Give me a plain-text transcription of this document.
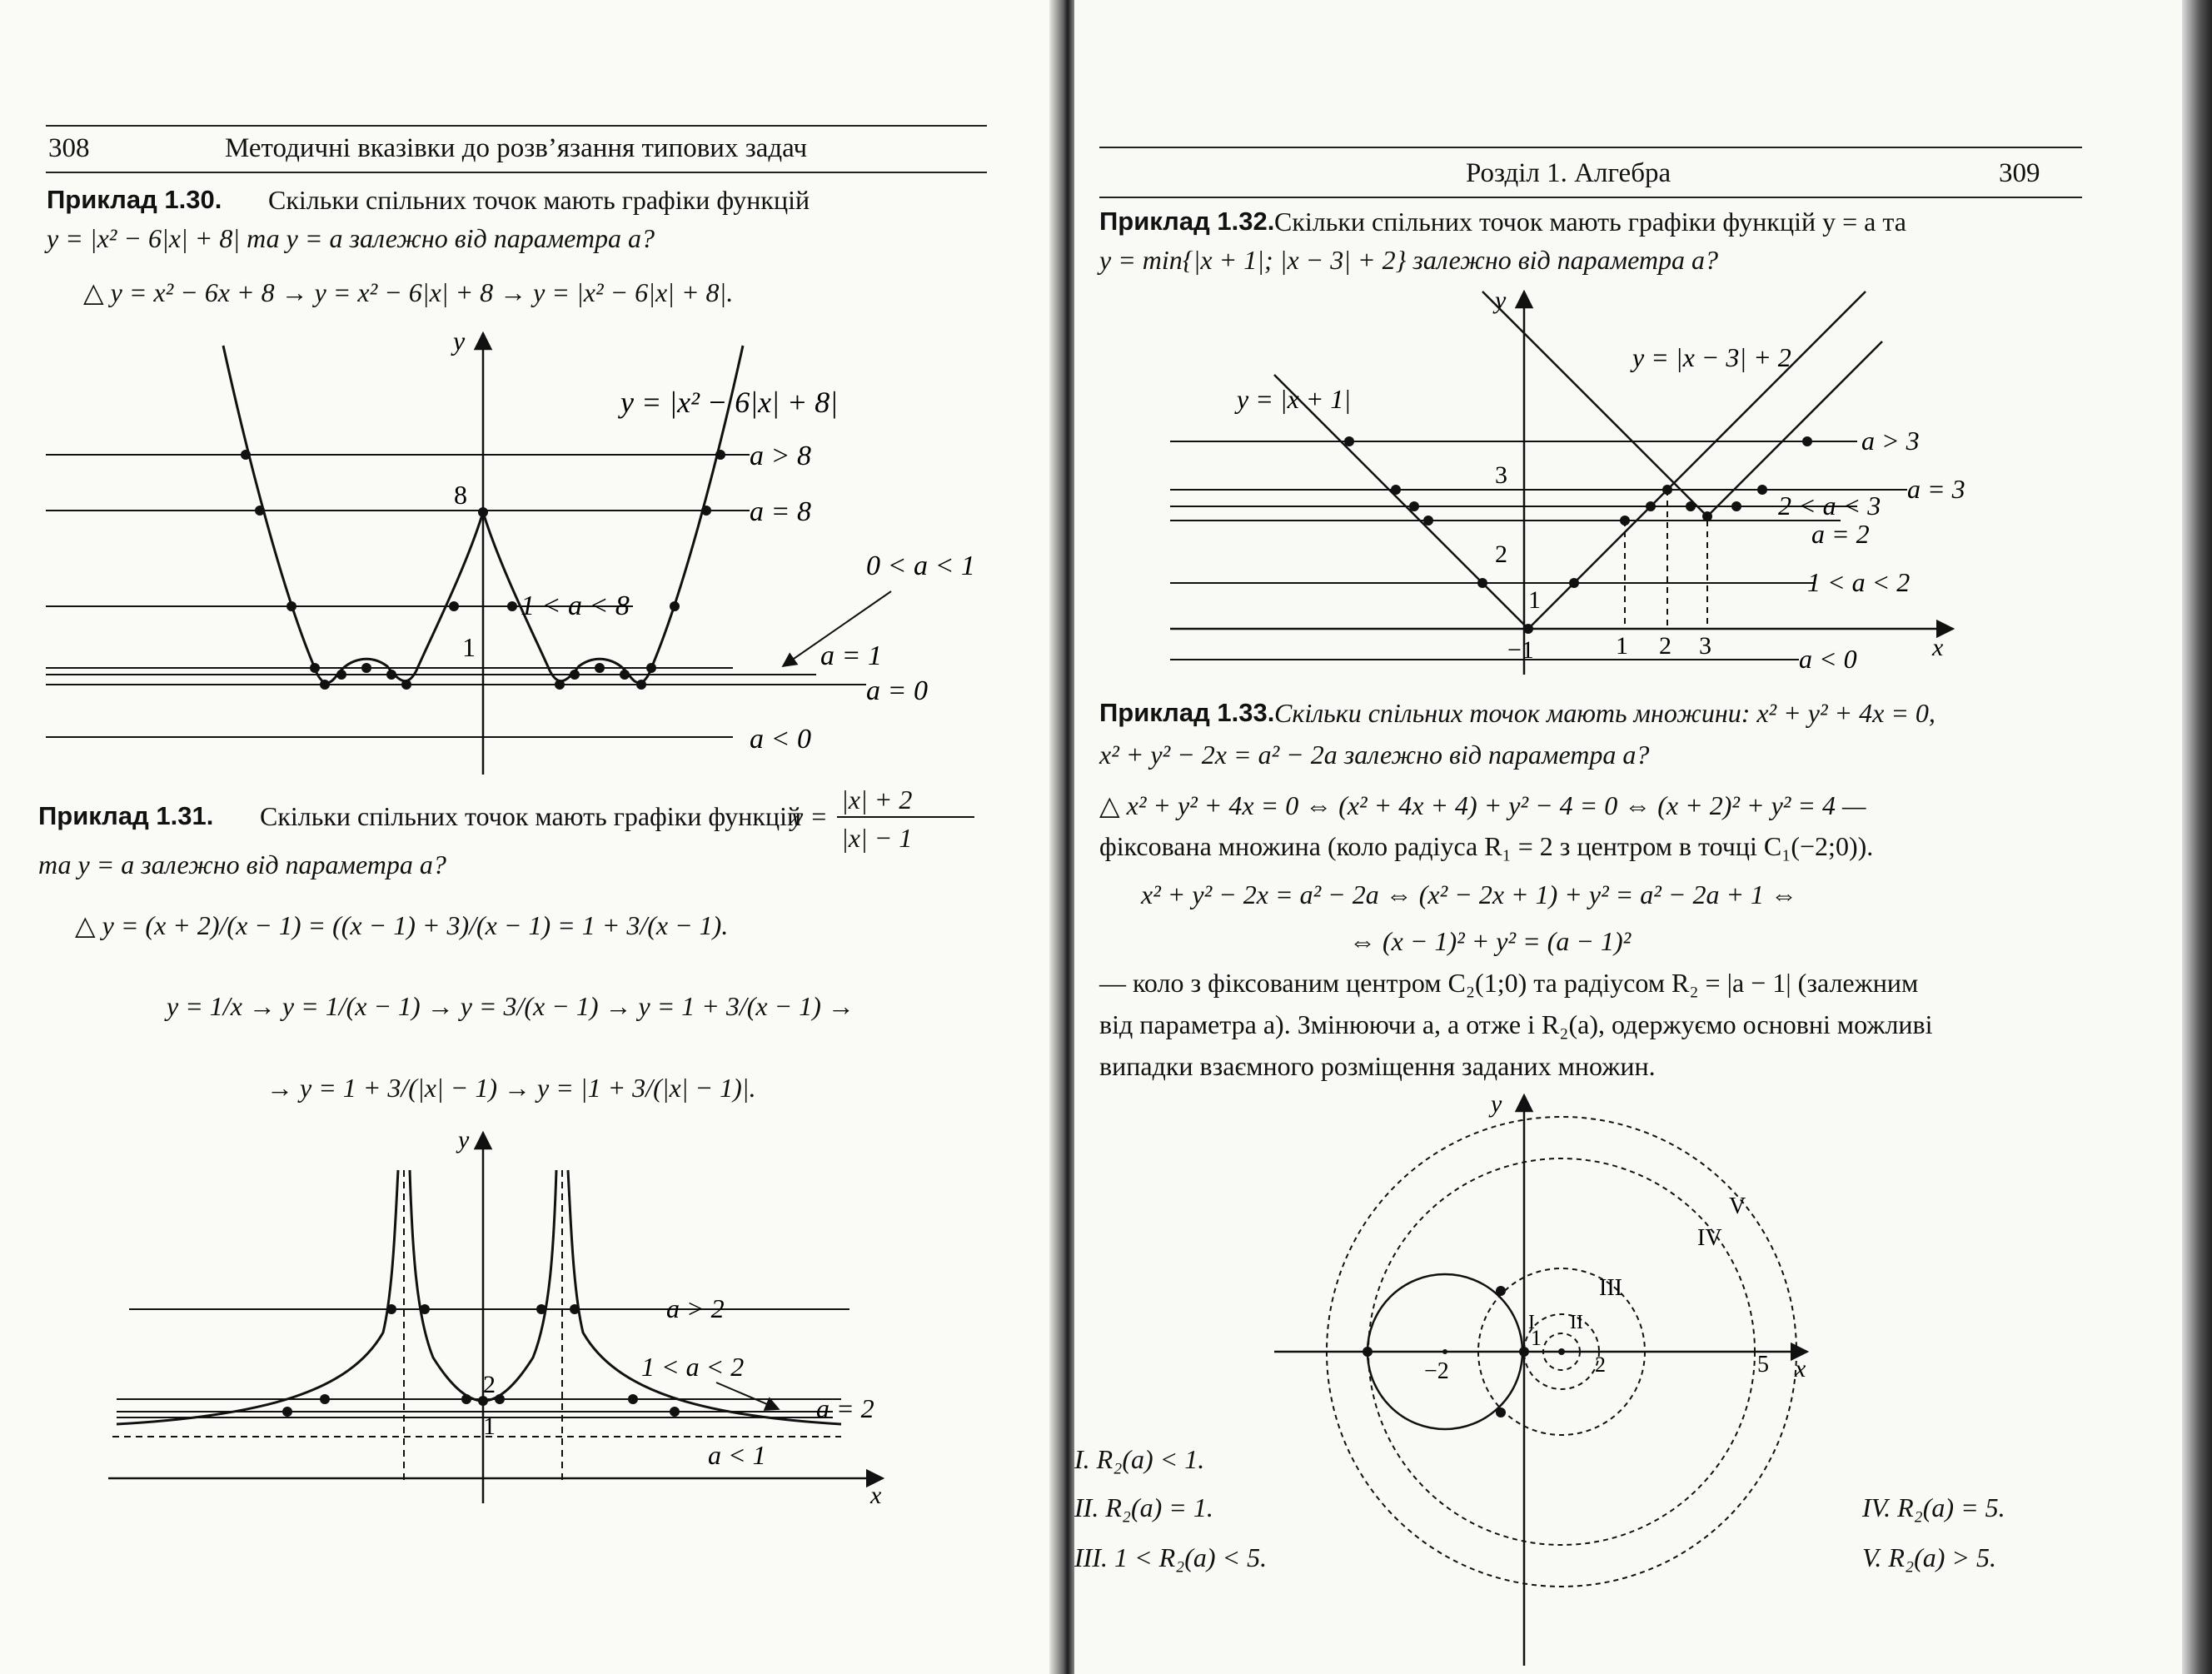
308	Методичні вказівки до розв’язання типових задач
Приклад 1.30. Скільки спільних точок мають графіки функцій
y = |x² − 6|x| + 8| та y = a залежно від параметра a?
△ y = x² − 6x + 8 → y = x² − 6|x| + 8 → y = |x² − 6|x| + 8|.
y
8
1
y = |x² − 6|x| + 8|
a > 8
a = 8
1 < a < 8
0 < a < 1
a = 1
a = 0
a < 0
Приклад 1.31. Скільки спільних точок мають графіки функцій
y =
|x| + 2
|x| − 1
та y = a залежно від параметра a?
△ y = (x + 2)/(x − 1) = ((x − 1) + 3)/(x − 1) = 1 + 3/(x − 1).
y = 1/x → y = 1/(x − 1) → y = 3/(x − 1) → y = 1 + 3/(x − 1) →
→ y = 1 + 3/(|x| − 1) → y = |1 + 3/(|x| − 1)|.
y
x
2
1
a > 2
1 < a < 2
a = 2
a < 1
Розділ 1. Алгебра	309
Приклад 1.32. Скільки спільних точок мають графіки функцій y = a та
y = min{|x + 1|; |x − 3| + 2} залежно від параметра a?
y
x
y = |x − 3| + 2
y = |x + 1|
3
2
1
−1	1 2 3
a > 3
a = 3
2 < a < 3
a = 2
1 < a < 2
a < 0
Приклад 1.33. Скільки спільних точок мають множини: x² + y² + 4x = 0,
x² + y² − 2x = a² − 2a залежно від параметра a?
△ x² + y² + 4x = 0 ⇔ (x² + 4x + 4) + y² − 4 = 0 ⇔ (x + 2)² + y² = 4 —
фіксована множина (коло радіуса R₁ = 2 з центром в точці C₁(−2;0)).
x² + y² − 2x = a² − 2a ⇔ (x² − 2x + 1) + y² = a² − 2a + 1 ⇔
⇔ (x − 1)² + y² = (a − 1)²
— коло з фіксованим центром C₂(1;0) та радіусом R₂ = |a − 1| (залежним
від параметра a). Змінюючи a, а отже і R₂(a), одержуємо основні можливі
випадки взаємного розміщення заданих множин.
y
x
−2
1
2	5
I II
III
IV
V
I. R₂(a) < 1.
II. R₂(a) = 1.
III. 1 < R₂(a) < 5.
IV. R₂(a) = 5.
V. R₂(a) > 5.
